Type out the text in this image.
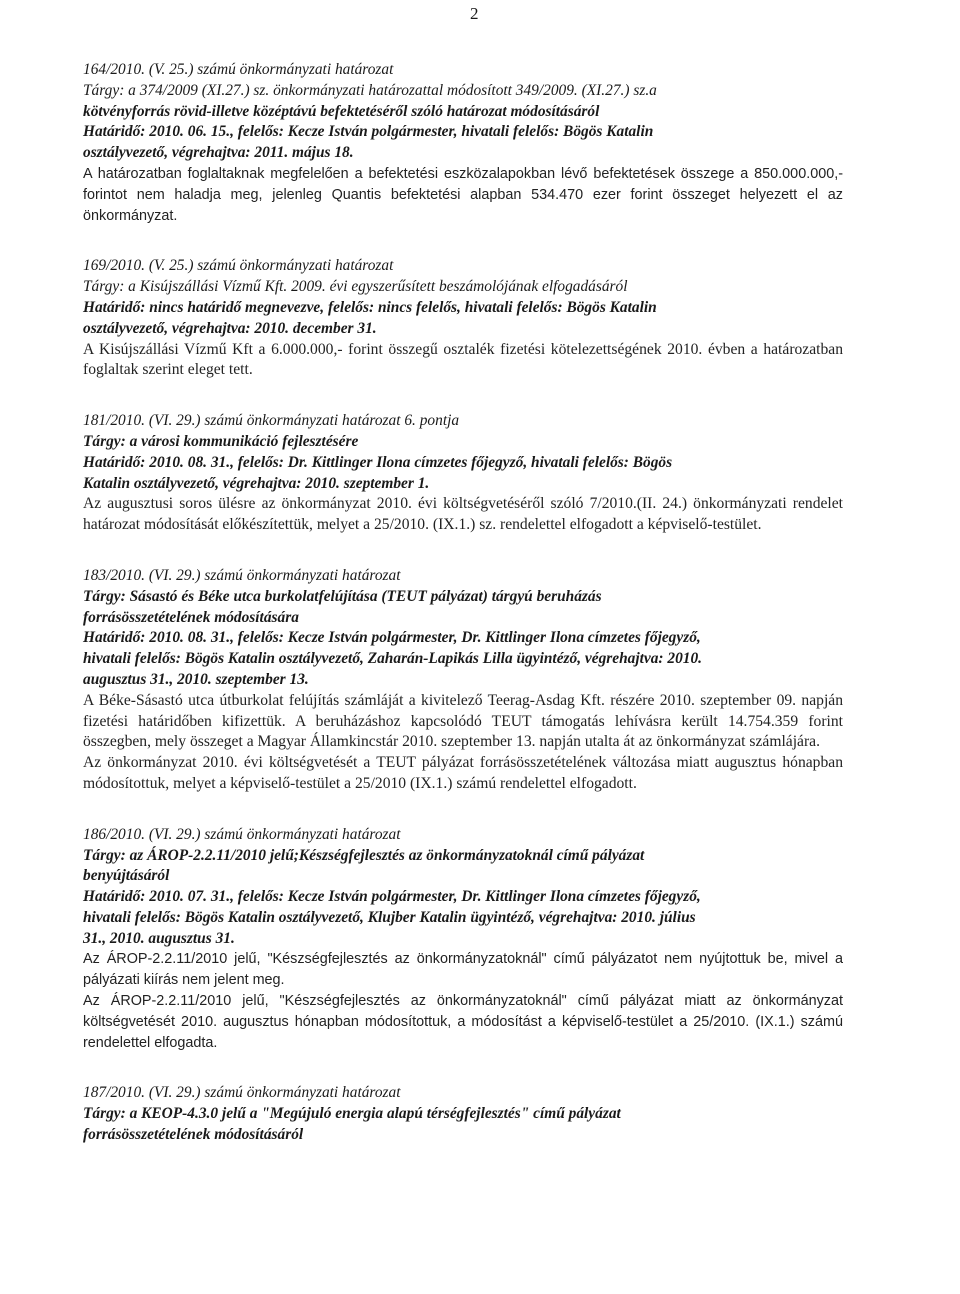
2

164/2010. (V. 25.) számú önkormányzati határozat

Tárgy: a 374/2009 (XI.27.) sz. önkormányzati határozattal módosított 349/2009. (XI.27.) sz.a

kötvényforrás rövid-illetve középtávú befektetéséről szóló határozat módosításáról

Határidő: 2010. 06. 15., felelős: Kecze István polgármester, hivatali felelős: Bögös Katalin

osztályvezető, végrehajtva: 2011. május 18.

A határozatban foglaltaknak megfelelően a befektetési eszközalapokban lévő befektetések összege a 850.000.000,- forintot nem haladja meg, jelenleg Quantis befektetési alapban 534.470 ezer forint összeget helyezett el az önkormányzat.

169/2010. (V. 25.) számú önkormányzati határozat

Tárgy: a Kisújszállási Vízmű Kft. 2009. évi egyszerűsített beszámolójának elfogadásáról

Határidő: nincs határidő megnevezve, felelős: nincs felelős, hivatali felelős: Bögös Katalin

osztályvezető, végrehajtva: 2010. december 31.

A Kisújszállási Vízmű Kft a 6.000.000,- forint összegű osztalék fizetési kötelezettségének 2010. évben a határozatban foglaltak szerint eleget tett.

181/2010. (VI. 29.) számú önkormányzati határozat 6. pontja

Tárgy: a városi kommunikáció fejlesztésére

Határidő: 2010. 08. 31., felelős: Dr. Kittlinger Ilona címzetes főjegyző, hivatali felelős: Bögös

Katalin osztályvezető, végrehajtva: 2010. szeptember 1.

Az augusztusi soros ülésre az önkormányzat 2010. évi költségvetéséről szóló 7/2010.(II. 24.) önkormányzati rendelet határozat módosítását előkészítettük, melyet a 25/2010. (IX.1.) sz. rendelettel elfogadott a képviselő-testület.

183/2010. (VI. 29.) számú önkormányzati határozat

Tárgy: Sásastó és Béke utca burkolatfelújítása (TEUT pályázat) tárgyú beruházás

forrásösszetételének módosítására

Határidő: 2010. 08. 31., felelős: Kecze István polgármester, Dr. Kittlinger Ilona címzetes főjegyző,

hivatali felelős: Bögös Katalin osztályvezető, Zaharán-Lapikás Lilla ügyintéző, végrehajtva: 2010.

augusztus 31., 2010. szeptember 13.

A Béke-Sásastó utca útburkolat felújítás számláját a kivitelező Teerag-Asdag Kft. részére 2010. szeptember 09. napján fizetési határidőben kifizettük. A beruházáshoz kapcsolódó TEUT támogatás lehívásra került 14.754.359 forint összegben, mely összeget a Magyar Államkincstár 2010. szeptember 13. napján utalta át az önkormányzat számlájára.

Az önkormányzat 2010. évi költségvetését a TEUT pályázat forrásösszetételének változása miatt augusztus hónapban módosítottuk, melyet a képviselő-testület a 25/2010 (IX.1.) számú rendelettel elfogadott.

186/2010. (VI. 29.) számú önkormányzati határozat

Tárgy: az ÁROP-2.2.11/2010 jelű;Készségfejlesztés az önkormányzatoknál című pályázat

benyújtásáról

Határidő: 2010. 07. 31., felelős: Kecze István polgármester, Dr. Kittlinger Ilona címzetes főjegyző,

hivatali felelős: Bögös Katalin osztályvezető, Klujber Katalin ügyintéző, végrehajtva: 2010. július

31., 2010. augusztus 31.

Az ÁROP-2.2.11/2010 jelű, "Készségfejlesztés az önkormányzatoknál" című pályázatot nem nyújtottuk be, mivel a pályázati kiírás nem jelent meg.

Az ÁROP-2.2.11/2010 jelű, "Készségfejlesztés az önkormányzatoknál" című pályázat miatt az önkormányzat költségvetését 2010. augusztus hónapban módosítottuk, a módosítást a képviselő-testület a 25/2010. (IX.1.) számú rendelettel elfogadta.

187/2010. (VI. 29.) számú önkormányzati határozat

Tárgy: a KEOP-4.3.0 jelű a "Megújuló energia alapú térségfejlesztés" című pályázat

forrásösszetételének módosításáról
